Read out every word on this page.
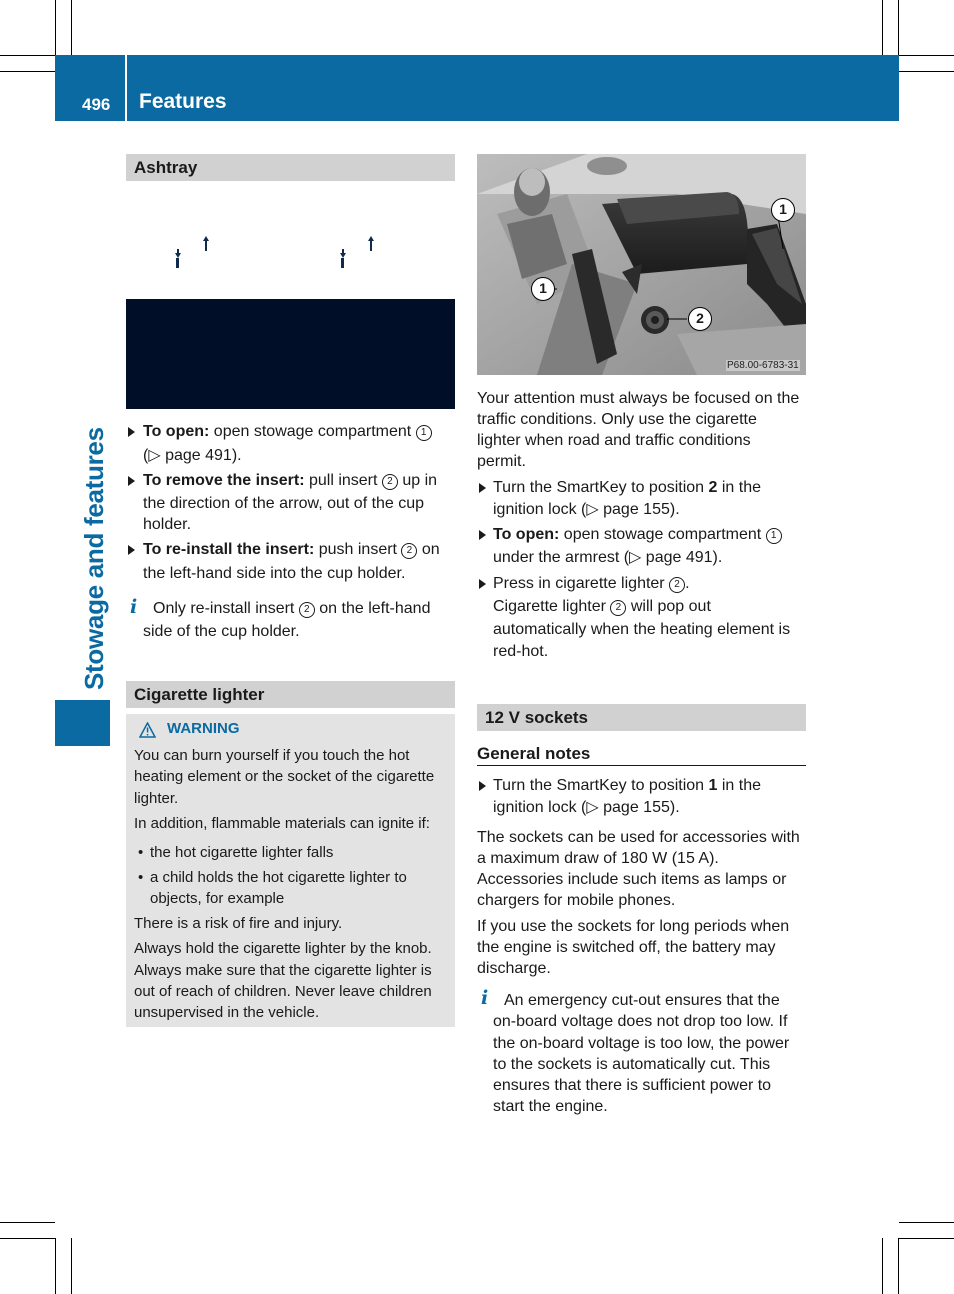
496 Features
Stowage and features
Ashtray
To open: open stowage compartment 1
(▷ page 491).
To remove the insert: pull insert 2 up in
the direction of the arrow, out of the cup
holder.
To re-install the insert: push insert 2 on
the left-hand side into the cup holder.
i Only re-install insert 2 on the left-hand
side of the cup holder.
Cigarette lighter
WARNING
You can burn yourself if you touch the hot
heating element or the socket of the cigarette
lighter.
In addition, flammable materials can ignite if:
• the hot cigarette lighter falls
• a child holds the hot cigarette lighter to
objects, for example
There is a risk of fire and injury.
Always hold the cigarette lighter by the knob.
Always make sure that the cigarette lighter is
out of reach of children. Never leave children
unsupervised in the vehicle.
1
1
2
P68.00-6783-31
Your attention must always be focused on the
traffic conditions. Only use the cigarette
lighter when road and traffic conditions
permit.
Turn the SmartKey to position 2 in the
ignition lock (▷ page 155).
To open: open stowage compartment 1
under the armrest (▷ page 491).
Press in cigarette lighter 2 .
Cigarette lighter 2 will pop out
automatically when the heating element is
red-hot.
12 V sockets
General notes
Turn the SmartKey to position 1 in the
ignition lock (▷ page 155).
The sockets can be used for accessories with
a maximum draw of 180 W (15 A).
Accessories include such items as lamps or
chargers for mobile phones.
If you use the sockets for long periods when
the engine is switched off, the battery may
discharge.
i An emergency cut-out ensures that the
on-board voltage does not drop too low. If
the on-board voltage is too low, the power
to the sockets is automatically cut. This
ensures that there is sufficient power to
start the engine.
